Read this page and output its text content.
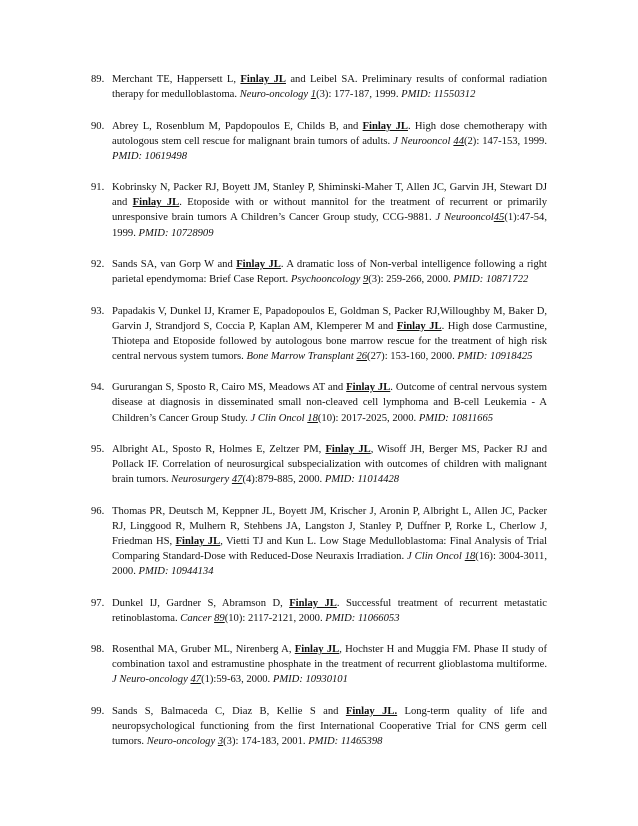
89. Merchant TE, Happersett L, Finlay JL and Leibel SA. Preliminary results of conformal radiation therapy for medulloblastoma. Neuro-oncology 1(3): 177-187, 1999. PMID: 11550312
90. Abrey L, Rosenblum M, Papdopoulos E, Childs B, and Finlay JL. High dose chemotherapy with autologous stem cell rescue for malignant brain tumors of adults. J Neurooncol 44(2): 147-153, 1999. PMID: 10619498
91. Kobrinsky N, Packer RJ, Boyett JM, Stanley P, Shiminski-Maher T, Allen JC, Garvin JH, Stewart DJ and Finlay JL. Etoposide with or without mannitol for the treatment of recurrent or primarily unresponsive brain tumors A Children’s Cancer Group study, CCG-9881. J Neurooncol45(1):47-54, 1999. PMID: 10728909
92. Sands SA, van Gorp W and Finlay JL. A dramatic loss of Non-verbal intelligence following a right parietal ependymoma: Brief Case Report. Psychooncology 9(3): 259-266, 2000. PMID: 10871722
93. Papadakis V, Dunkel IJ, Kramer E, Papadopoulos E, Goldman S, Packer RJ,Willoughby M, Baker D, Garvin J, Strandjord S, Coccia P, Kaplan AM, Klemperer M and Finlay JL. High dose Carmustine, Thiotepa and Etoposide followed by autologous bone marrow rescue for the treatment of high risk central nervous system tumors. Bone Marrow Transplant 26(27): 153-160, 2000. PMID: 10918425
94. Gururangan S, Sposto R, Cairo MS, Meadows AT and Finlay JL. Outcome of central nervous system disease at diagnosis in disseminated small non-cleaved cell lymphoma and B-cell Leukemia - A Children’s Cancer Group Study. J Clin Oncol 18(10): 2017-2025, 2000. PMID: 10811665
95. Albright AL, Sposto R, Holmes E, Zeltzer PM, Finlay JL, Wisoff JH, Berger MS, Packer RJ and Pollack IF. Correlation of neurosurgical subspecialization with outcomes of children with malignant brain tumors. Neurosurgery 47(4):879-885, 2000. PMID: 11014428
96. Thomas PR, Deutsch M, Keppner JL, Boyett JM, Krischer J, Aronin P, Albright L, Allen JC, Packer RJ, Linggood R, Mulhern R, Stehbens JA, Langston J, Stanley P, Duffner P, Rorke L, Cherlow J, Friedman HS, Finlay JL, Vietti TJ and Kun L. Low Stage Medulloblastoma: Final Analysis of Trial Comparing Standard-Dose with Reduced-Dose Neuraxis Irradiation. J Clin Oncol 18(16): 3004-3011, 2000. PMID: 10944134
97. Dunkel IJ, Gardner S, Abramson D, Finlay JL. Successful treatment of recurrent metastatic retinoblastoma. Cancer 89(10): 2117-2121, 2000. PMID: 11066053
98. Rosenthal MA, Gruber ML, Nirenberg A, Finlay JL, Hochster H and Muggia FM. Phase II study of combination taxol and estramustine phosphate in the treatment of recurrent glioblastoma multiforme. J Neuro-oncology 47(1):59-63, 2000. PMID: 10930101
99. Sands S, Balmaceda C, Diaz B, Kellie S and Finlay JL. Long-term quality of life and neuropsychological functioning from the first International Cooperative Trial for CNS germ cell tumors. Neuro-oncology 3(3): 174-183, 2001. PMID: 11465398
